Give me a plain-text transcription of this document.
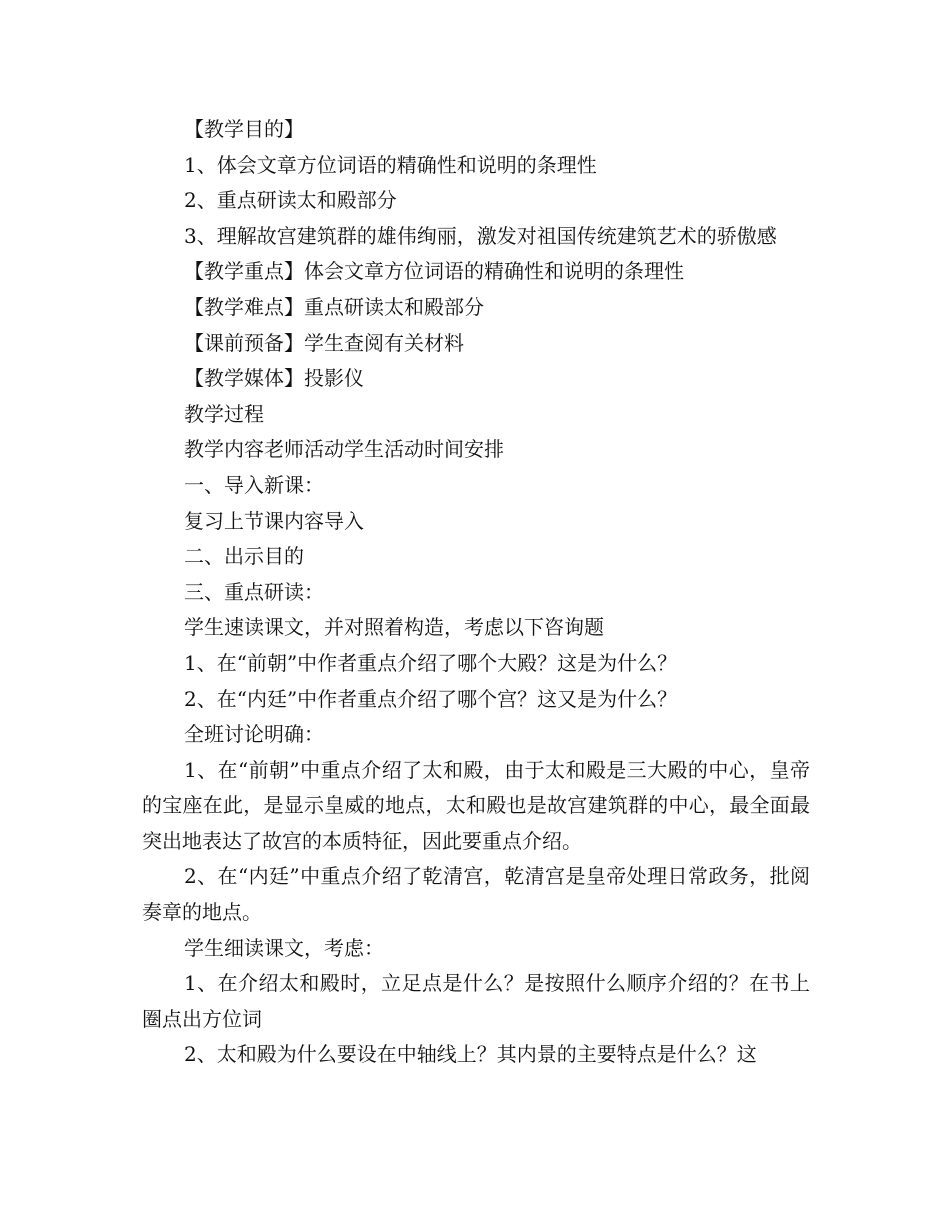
【教学目的】

1、体会文章方位词语的精确性和说明的条理性

2、重点研读太和殿部分

3、理解故宫建筑群的雄伟绚丽，激发对祖国传统建筑艺术的骄傲感

【教学重点】体会文章方位词语的精确性和说明的条理性

【教学难点】重点研读太和殿部分

【课前预备】学生查阅有关材料

【教学媒体】投影仪

教学过程

教学内容老师活动学生活动时间安排

一、导入新课：

复习上节课内容导入

二、出示目的

三、重点研读：

学生速读课文，并对照着构造，考虑以下咨询题

1、在“前朝”中作者重点介绍了哪个大殿？这是为什么？

2、在“内廷”中作者重点介绍了哪个宫？这又是为什么？

全班讨论明确：

1、在“前朝”中重点介绍了太和殿，由于太和殿是三大殿的中心，皇帝的宝座在此，是显示皇威的地点，太和殿也是故宫建筑群的中心，最全面最突出地表达了故宫的本质特征，因此要重点介绍。

2、在“内廷”中重点介绍了乾清宫，乾清宫是皇帝处理日常政务，批阅奏章的地点。

学生细读课文，考虑：

1、在介绍太和殿时，立足点是什么？是按照什么顺序介绍的？在书上圈点出方位词

2、太和殿为什么要设在中轴线上？其内景的主要特点是什么？这
